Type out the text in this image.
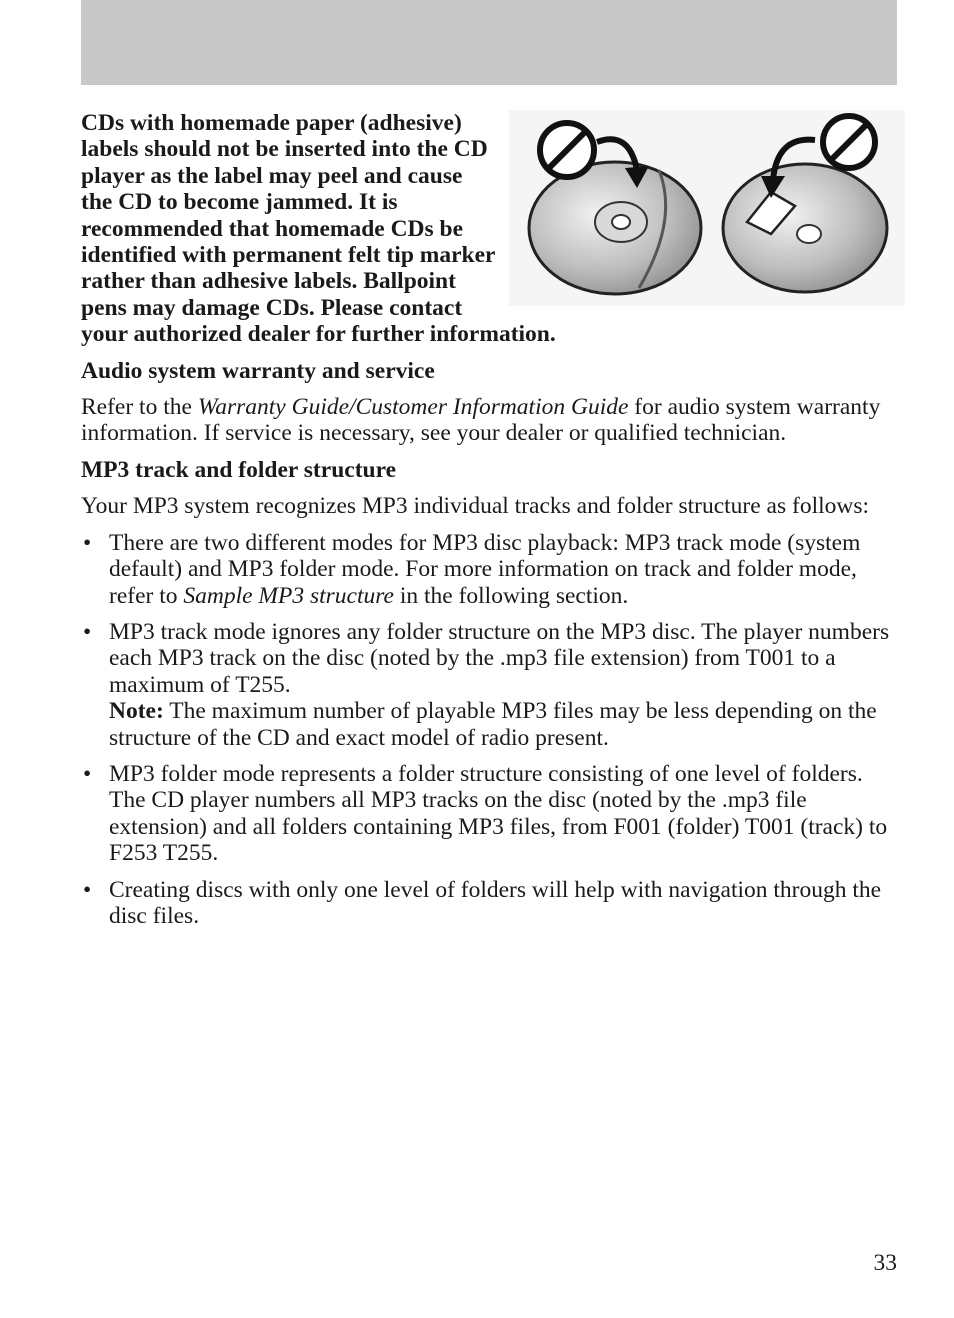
CDs with homemade paper (adhesive) labels should not be inserted into the CD player as the label may peel and cause the CD to become jammed. It is recommended that homemade CDs be identified with permanent felt tip marker rather than adhesive labels. Ballpoint pens may damage CDs. Please contact your authorized dealer for further information.

Audio system warranty and service

Refer to the Warranty Guide/Customer Information Guide for audio system warranty information. If service is necessary, see your dealer or qualified technician.

MP3 track and folder structure

Your MP3 system recognizes MP3 individual tracks and folder structure as follows:

• There are two different modes for MP3 disc playback: MP3 track mode (system default) and MP3 folder mode. For more information on track and folder mode, refer to Sample MP3 structure in the following section.
• MP3 track mode ignores any folder structure on the MP3 disc. The player numbers each MP3 track on the disc (noted by the .mp3 file extension) from T001 to a maximum of T255.
Note: The maximum number of playable MP3 files may be less depending on the structure of the CD and exact model of radio present.
• MP3 folder mode represents a folder structure consisting of one level of folders. The CD player numbers all MP3 tracks on the disc (noted by the .mp3 file extension) and all folders containing MP3 files, from F001 (folder) T001 (track) to F253 T255.
• Creating discs with only one level of folders will help with navigation through the disc files.
33
